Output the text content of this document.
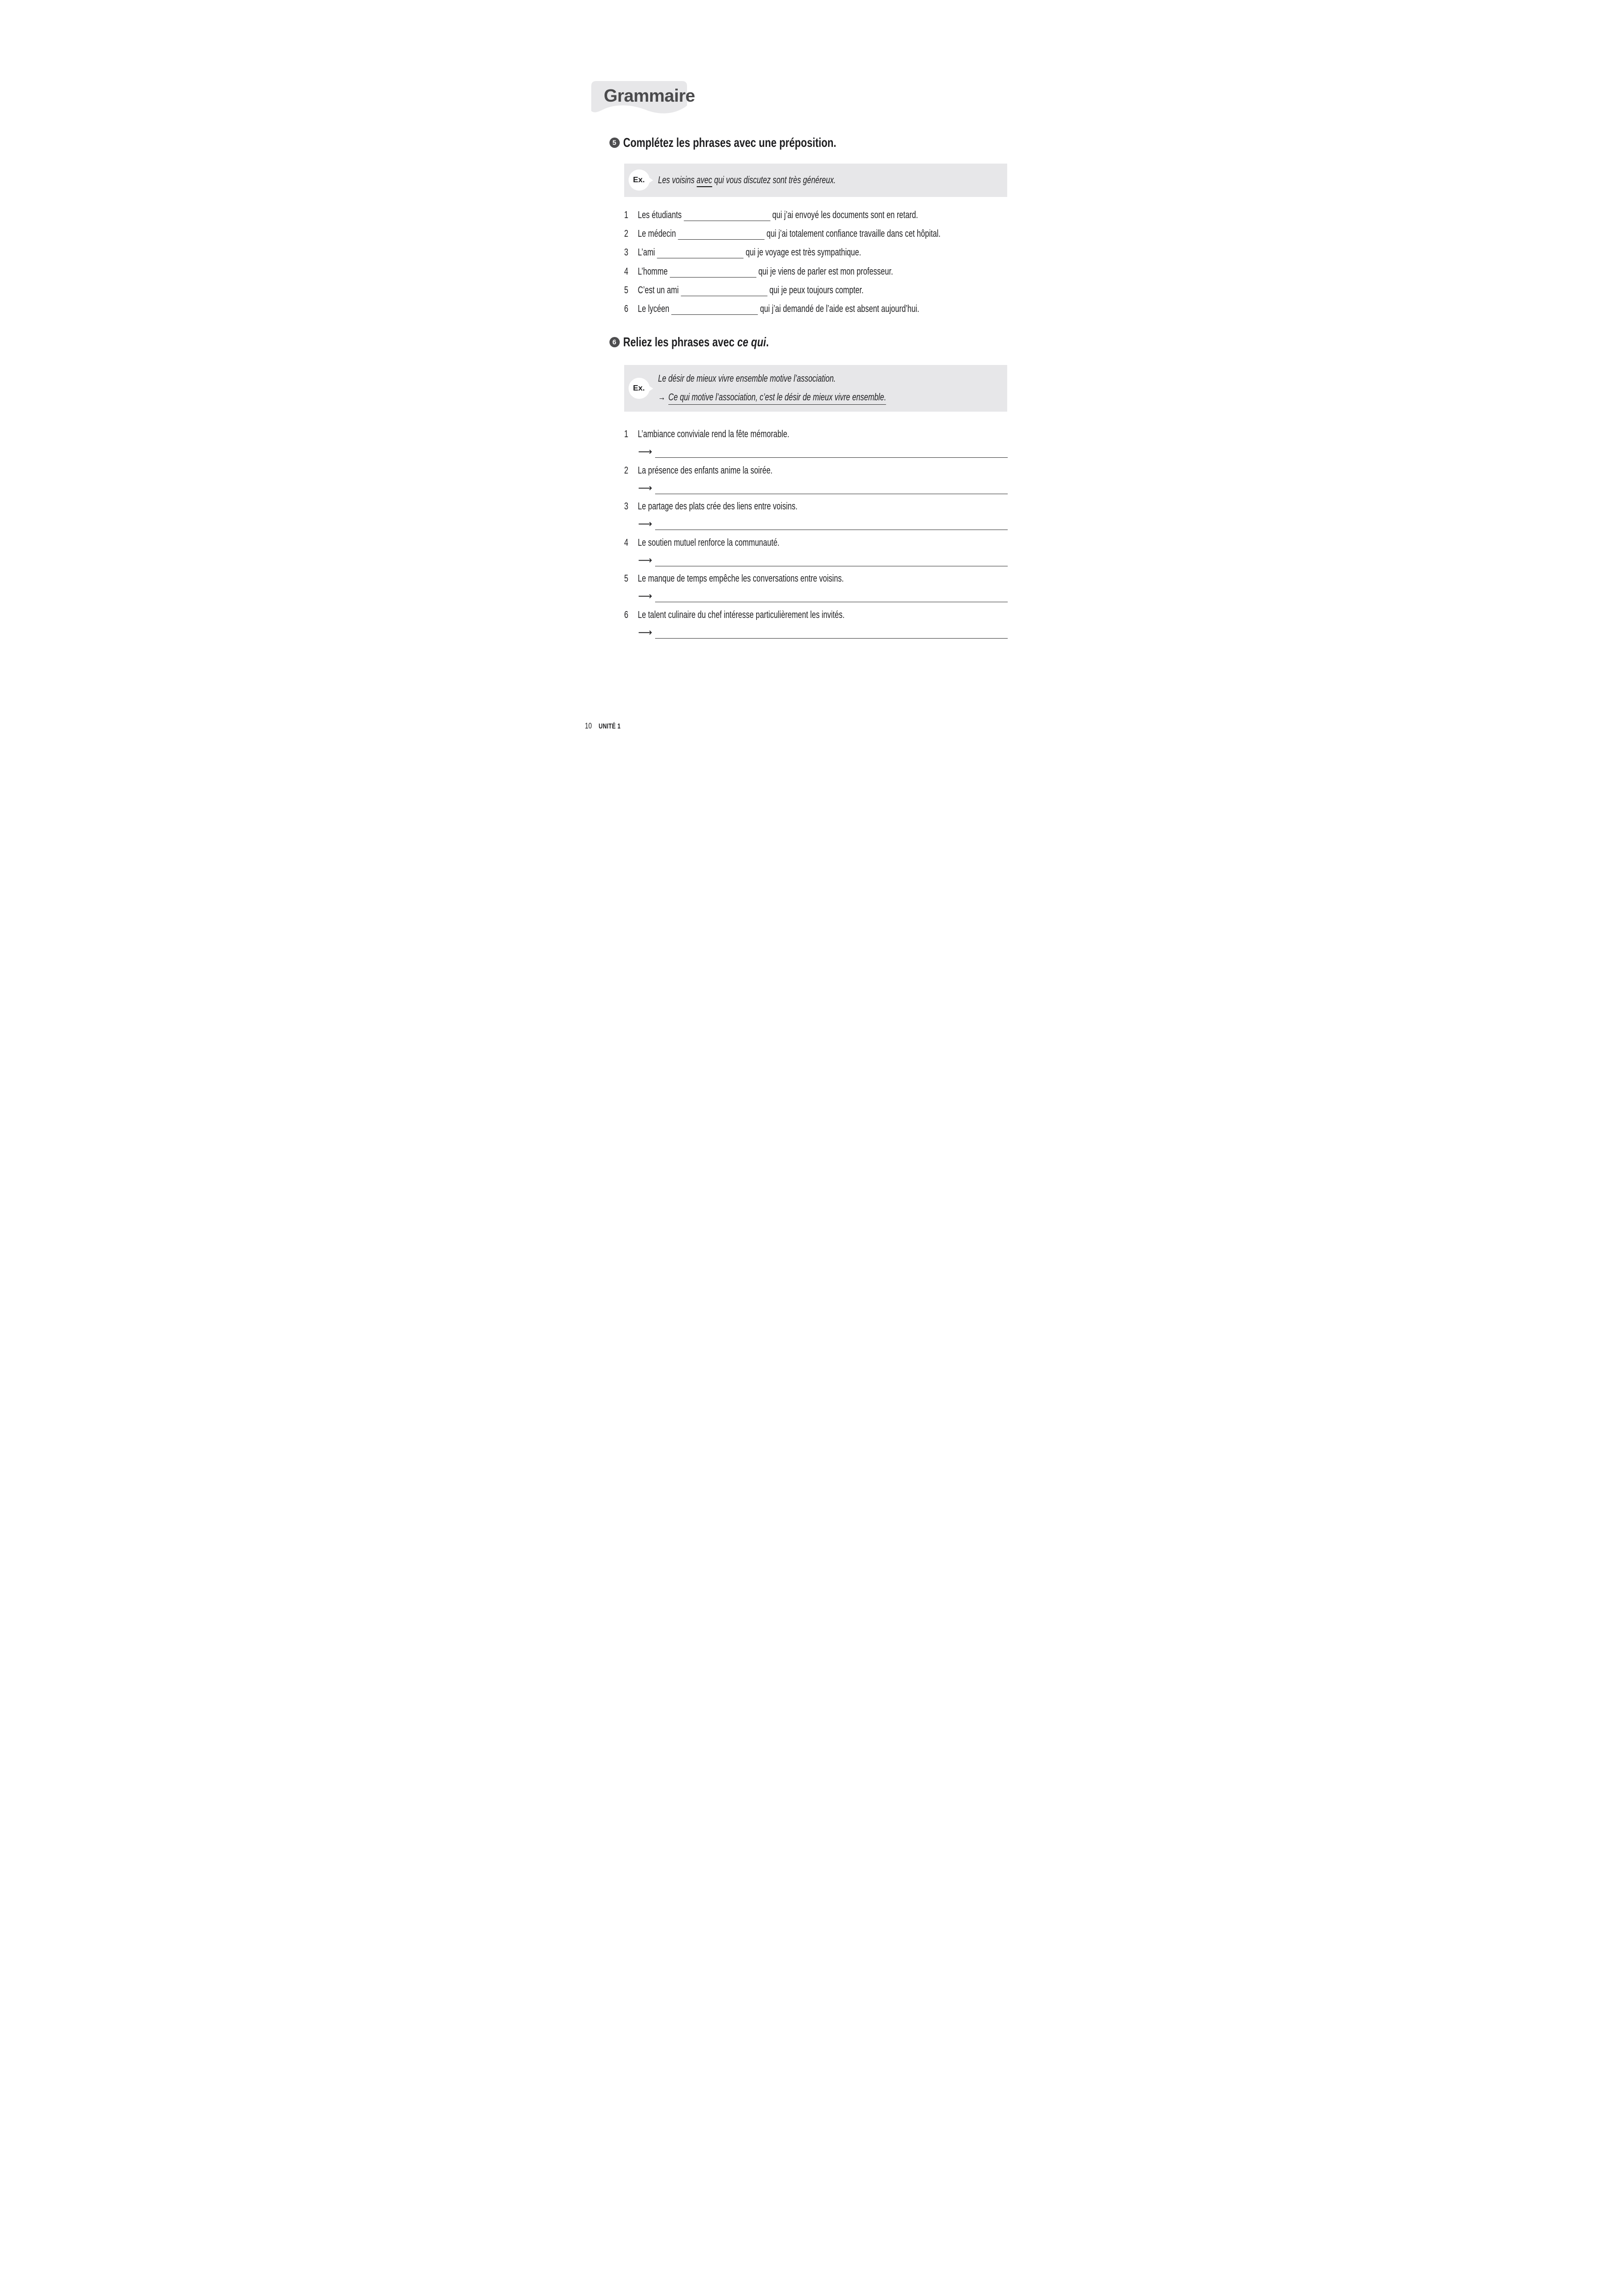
Grammaire
5 Complétez les phrases avec une préposition.
Ex.	Les voisins avec qui vous discutez sont très généreux.
1 Les étudiants	qui j’ai envoyé les documents sont en retard.
2 Le médecin	qui j’ai totalement confiance travaille dans cet hôpital.
3 L’ami	qui je voyage est très sympathique.
4 L’homme	qui je viens de parler est mon professeur.
5 C’est un ami	qui je peux toujours compter.
6 Le lycéen	qui j’ai demandé de l’aide est absent aujourd’hui.
6 Reliez les phrases avec ce qui.
Ex.
Le désir de mieux vivre ensemble motive l’association.
→ Ce qui motive l’association, c’est le désir de mieux vivre ensemble.
1 L’ambiance conviviale rend la fête mémorable.
⟶
2 La présence des enfants anime la soirée.
⟶
3 Le partage des plats crée des liens entre voisins.
⟶
4 Le soutien mutuel renforce la communauté.
⟶
5 Le manque de temps empêche les conversations entre voisins.
⟶
6 Le talent culinaire du chef intéresse particulièrement les invités.
⟶
10 UNITÉ 1
